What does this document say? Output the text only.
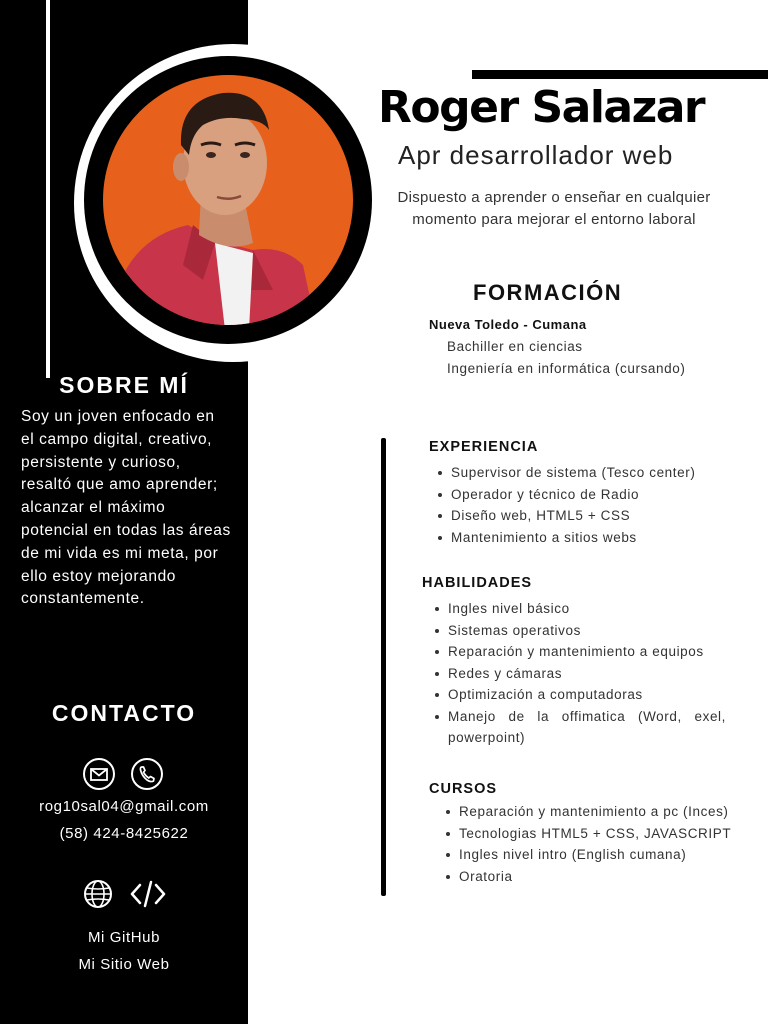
Roger Salazar

Apr desarrollador web

Dispuesto a aprender o enseñar en cualquier momento para mejorar el entorno laboral

SOBRE MÍ

Soy un joven enfocado en el campo digital, creativo, persistente y curioso, resaltó que amo aprender; alcanzar el máximo potencial en todas las áreas de mi vida es mi meta, por ello estoy mejorando constantemente.

CONTACTO

rog10sal04@gmail.com

(58) 424-8425622

Mi GitHub

Mi Sitio Web

FORMACIÓN

Nueva Toledo - Cumana

Bachiller en ciencias

Ingeniería en informática (cursando)

EXPERIENCIA
Supervisor de sistema (Tesco center)
Operador y técnico de Radio
Diseño web, HTML5 + CSS
Mantenimiento a sitios webs
HABILIDADES
Ingles nivel básico
Sistemas operativos
Reparación y mantenimiento a equipos
Redes y cámaras
Optimización a computadoras
Manejo de la offimatica (Word, exel, powerpoint)
CURSOS
Reparación y mantenimiento a pc (Inces)
Tecnologias HTML5 + CSS, JAVASCRIPT
Ingles nivel intro (English cumana)
Oratoria
